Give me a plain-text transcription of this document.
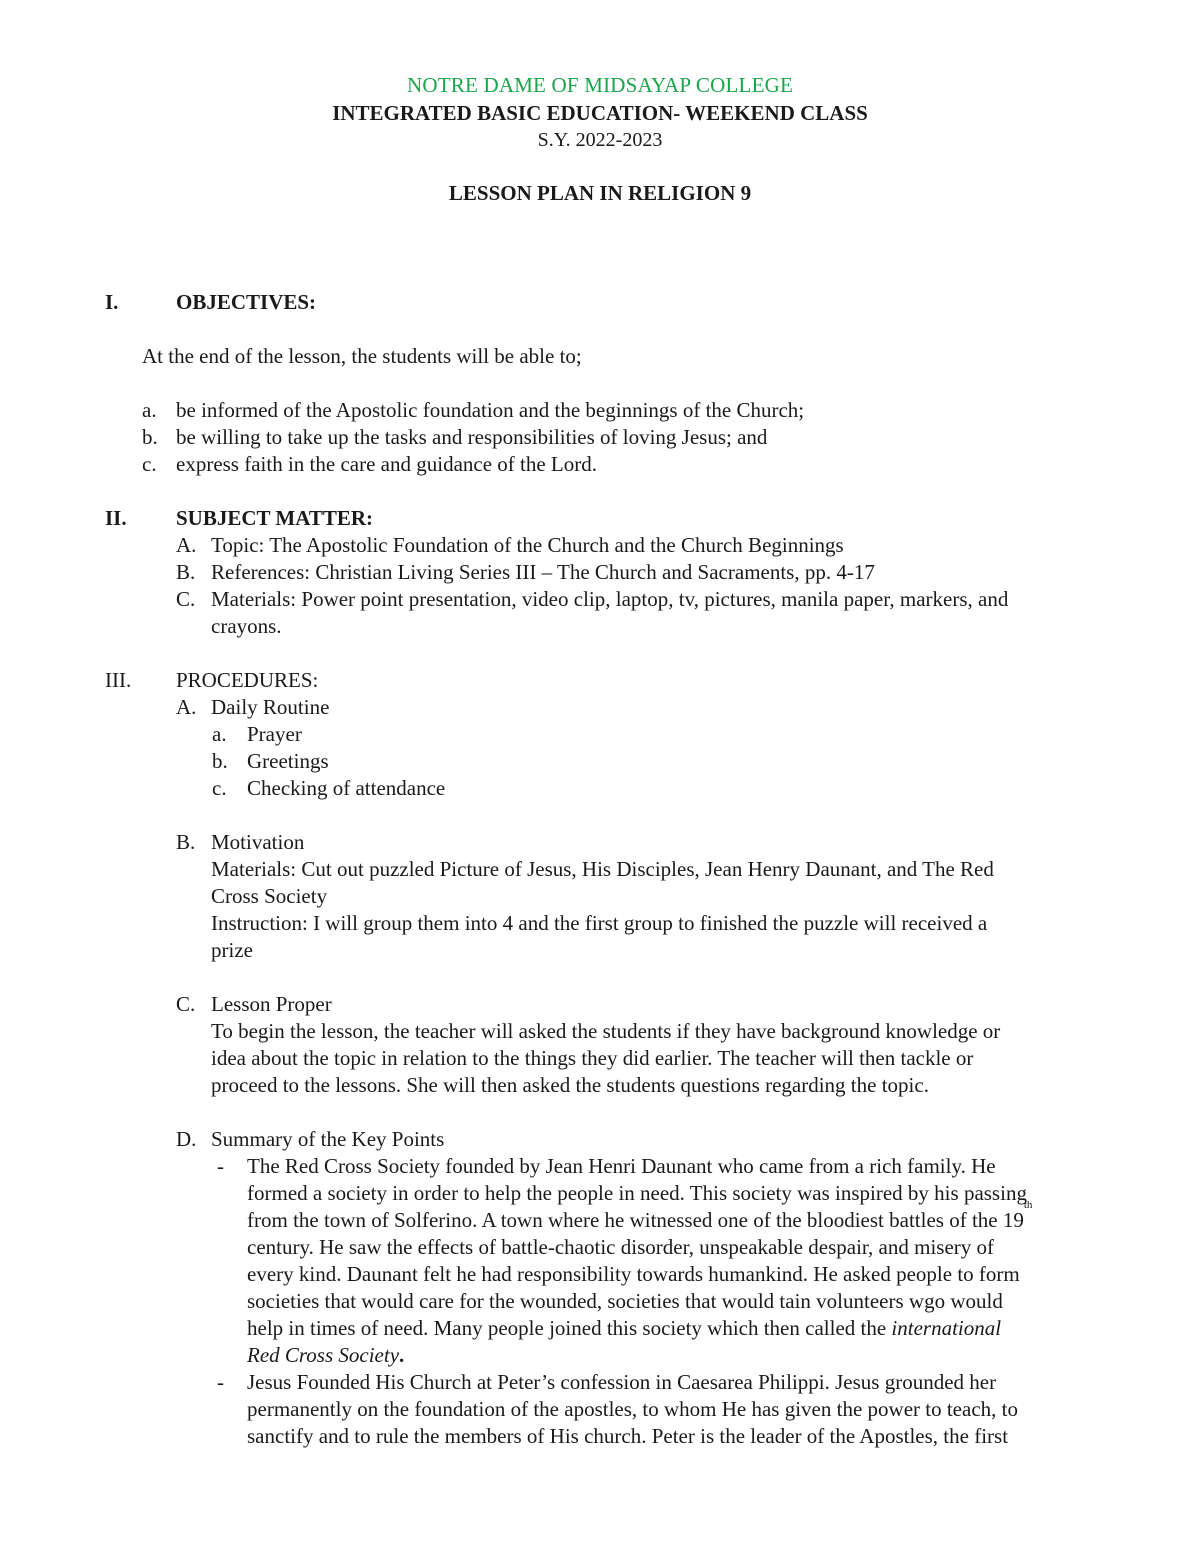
NOTRE DAME OF MIDSAYAP COLLEGE
INTEGRATED BASIC EDUCATION- WEEKEND CLASS
S.Y. 2022-2023
LESSON PLAN IN RELIGION 9
I.	OBJECTIVES:
At the end of the lesson, the students will be able to;
a. be informed of the Apostolic foundation and the beginnings of the Church;
b. be willing to take up the tasks and responsibilities of loving Jesus; and
c. express faith in the care and guidance of the Lord.
II. SUBJECT MATTER:
A. Topic: The Apostolic Foundation of the Church and the Church Beginnings
B. References: Christian Living Series III – The Church and Sacraments, pp. 4-17
C. Materials: Power point presentation, video clip, laptop, tv, pictures, manila paper, markers, and
crayons.
III. PROCEDURES:
A. Daily Routine
a. Prayer
b. Greetings
c. Checking of attendance
B. Motivation
Materials: Cut out puzzled Picture of Jesus, His Disciples, Jean Henry Daunant, and The Red
Cross Society
Instruction: I will group them into 4 and the first group to finished the puzzle will received a
prize
C. Lesson Proper
To begin the lesson, the teacher will asked the students if they have background knowledge or
idea about the topic in relation to the things they did earlier. The teacher will then tackle or
proceed to the lessons. She will then asked the students questions regarding the topic.
D. Summary of the Key Points
- The Red Cross Society founded by Jean Henri Daunant who came from a rich family. He
formed a society in order to help the people in need. This society was inspired by his passing
from the town of Solferino. A town where he witnessed one of the bloodiest battles of the 19th
century. He saw the effects of battle-chaotic disorder, unspeakable despair, and misery of
every kind. Daunant felt he had responsibility towards humankind. He asked people to form
societies that would care for the wounded, societies that would tain volunteers wgo would
help in times of need. Many people joined this society which then called the international
Red Cross Society.
- Jesus Founded His Church at Peter’s confession in Caesarea Philippi. Jesus grounded her
permanently on the foundation of the apostles, to whom He has given the power to teach, to
sanctify and to rule the members of His church. Peter is the leader of the Apostles, the first
